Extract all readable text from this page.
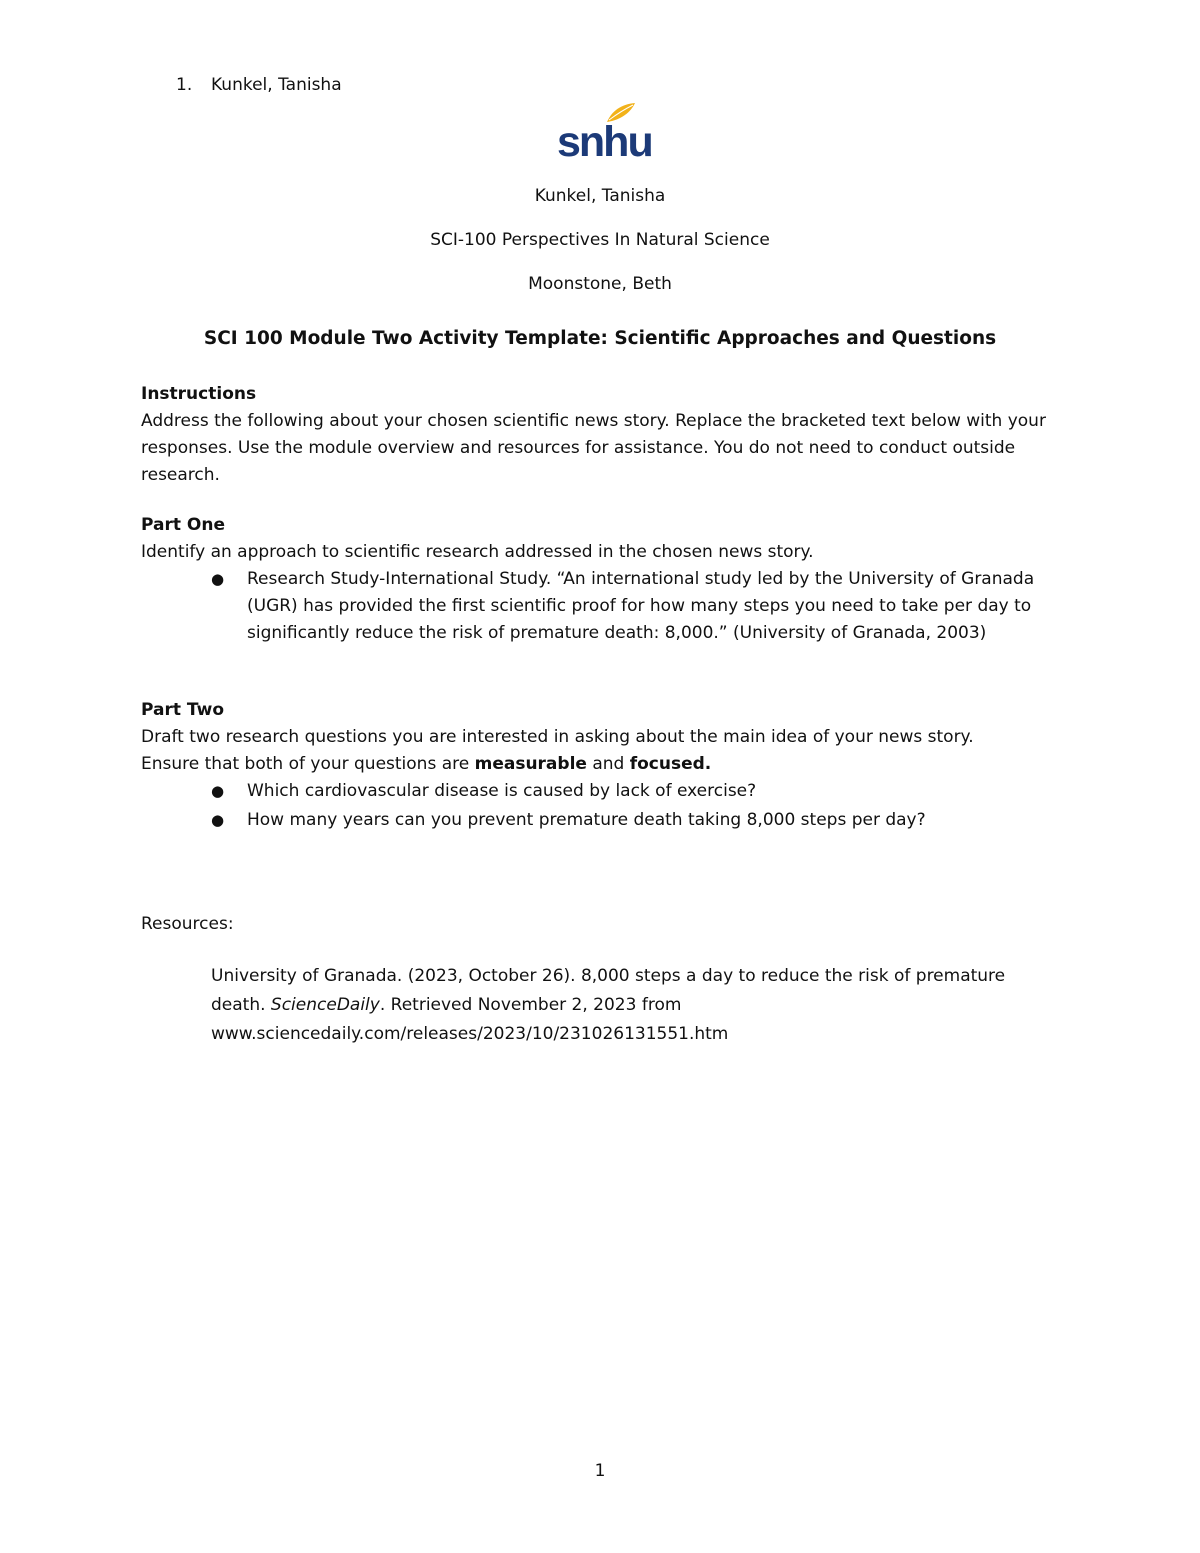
1. Kunkel, Tanisha
snhu
Kunkel, Tanisha
SCI-100 Perspectives In Natural Science
Moonstone, Beth
SCI 100 Module Two Activity Template: Scientific Approaches and Questions

Instructions

Address the following about your chosen scientific news story. Replace the bracketed text below with your responses. Use the module overview and resources for assistance. You do not need to conduct outside research.

Part One

Identify an approach to scientific research addressed in the chosen news story.

● Research Study-International Study. “An international study led by the University of Granada (UGR) has provided the first scientific proof for how many steps you need to take per day to significantly reduce the risk of premature death: 8,000.” (University of Granada, 2003)

Part Two

Draft two research questions you are interested in asking about the main idea of your news story.

Ensure that both of your questions are measurable and focused.

● Which cardiovascular disease is caused by lack of exercise?
● How many years can you prevent premature death taking 8,000 steps per day?
Resources:
University of Granada. (2023, October 26). 8,000 steps a day to reduce the risk of premature death. ScienceDaily. Retrieved November 2, 2023 from www.sciencedaily.com/releases/2023/10/231026131551.htm
1
